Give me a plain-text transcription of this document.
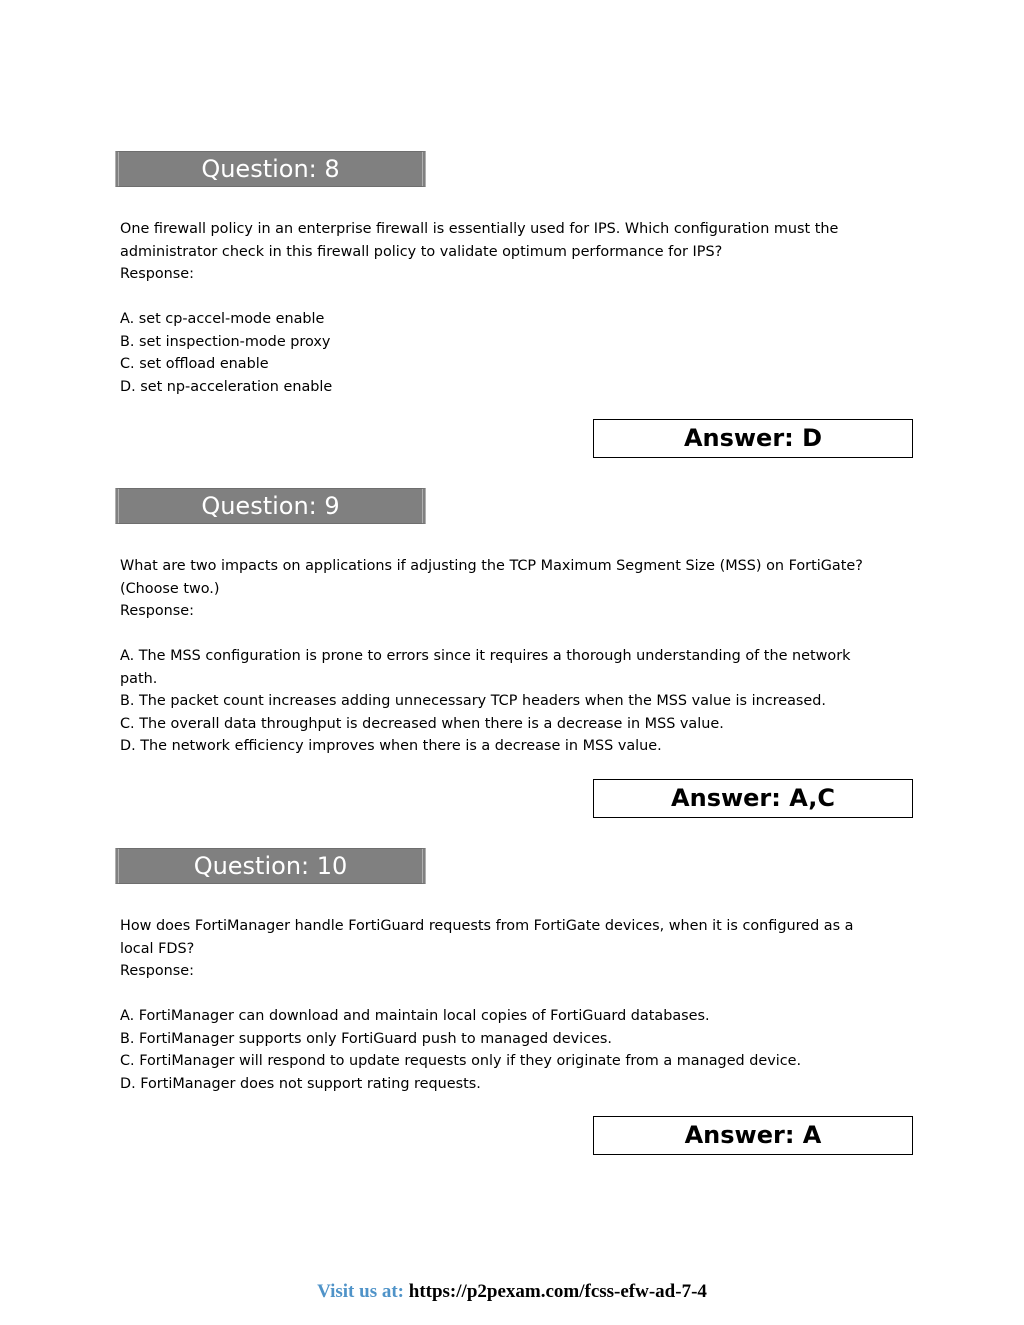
Question: 8

One firewall policy in an enterprise firewall is essentially used for IPS. Which configuration must the

administrator check in this firewall policy to validate optimum performance for IPS?

Response:

A. set cp-accel-mode enable

B. set inspection-mode proxy

C. set offload enable

D. set np-acceleration enable

Answer: D
Question: 9

What are two impacts on applications if adjusting the TCP Maximum Segment Size (MSS) on FortiGate?

(Choose two.)

Response:

A. The MSS configuration is prone to errors since it requires a thorough understanding of the network

path.

B. The packet count increases adding unnecessary TCP headers when the MSS value is increased.

C. The overall data throughput is decreased when there is a decrease in MSS value.

D. The network efficiency improves when there is a decrease in MSS value.

Answer: A,C
Question: 10

How does FortiManager handle FortiGuard requests from FortiGate devices, when it is configured as a

local FDS?

Response:

A. FortiManager can download and maintain local copies of FortiGuard databases.

B. FortiManager supports only FortiGuard push to managed devices.

C. FortiManager will respond to update requests only if they originate from a managed device.

D. FortiManager does not support rating requests.

Answer: A
Visit us at: https://p2pexam.com/fcss-efw-ad-7-4
